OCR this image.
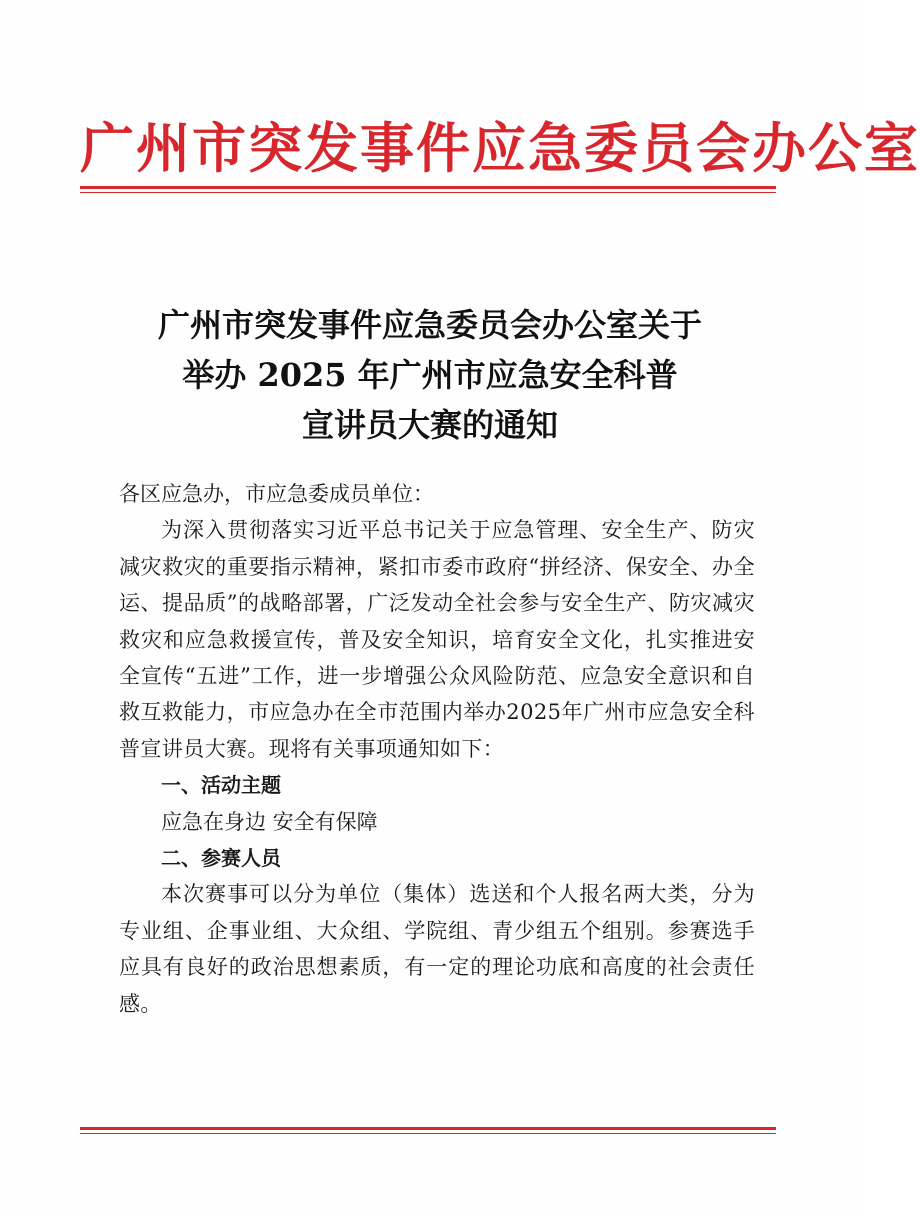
广州市突发事件应急委员会办公室
广州市突发事件应急委员会办公室关于
举办 2025 年广州市应急安全科普
宣讲员大赛的通知
各区应急办，市应急委成员单位：
为深入贯彻落实习近平总书记关于应急管理、安全生产、防灾减灾救灾的重要指示精神，紧扣市委市政府“拼经济、保安全、办全运、提品质”的战略部署，广泛发动全社会参与安全生产、防灾减灾救灾和应急救援宣传，普及安全知识，培育安全文化，扎实推进安全宣传“五进”工作，进一步增强公众风险防范、应急安全意识和自救互救能力，市应急办在全市范围内举办2025年广州市应急安全科普宣讲员大赛。现将有关事项通知如下：
一、活动主题
应急在身边 安全有保障
二、参赛人员
本次赛事可以分为单位（集体）选送和个人报名两大类，分为专业组、企事业组、大众组、学院组、青少组五个组别。参赛选手应具有良好的政治思想素质，有一定的理论功底和高度的社会责任感。
